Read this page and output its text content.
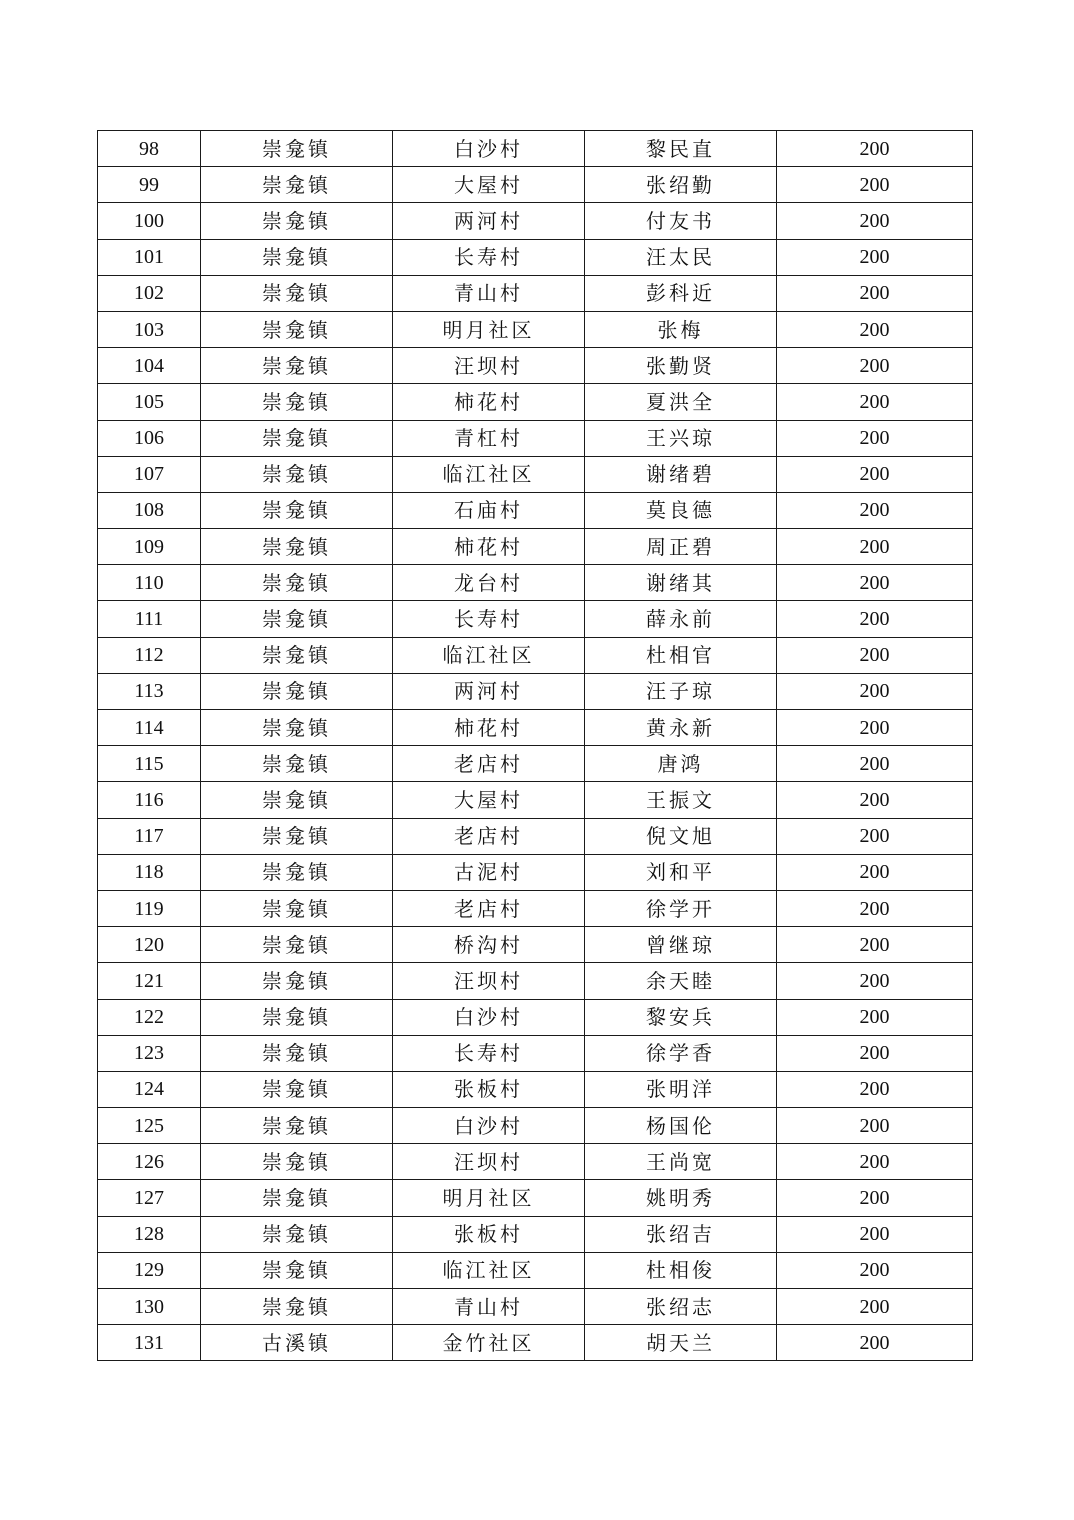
98	崇龛镇	白沙村	黎民直	200
99	崇龛镇	大屋村	张绍勤	200
100	崇龛镇	两河村	付友书	200
101	崇龛镇	长寿村	汪太民	200
102	崇龛镇	青山村	彭科近	200
103	崇龛镇	明月社区	张梅	200
104	崇龛镇	汪坝村	张勤贤	200
105	崇龛镇	柿花村	夏洪全	200
106	崇龛镇	青杠村	王兴琼	200
107	崇龛镇	临江社区	谢绪碧	200
108	崇龛镇	石庙村	莫良德	200
109	崇龛镇	柿花村	周正碧	200
110	崇龛镇	龙台村	谢绪其	200
111	崇龛镇	长寿村	薛永前	200
112	崇龛镇	临江社区	杜相官	200
113	崇龛镇	两河村	汪子琼	200
114	崇龛镇	柿花村	黄永新	200
115	崇龛镇	老店村	唐鸿	200
116	崇龛镇	大屋村	王振文	200
117	崇龛镇	老店村	倪文旭	200
118	崇龛镇	古泥村	刘和平	200
119	崇龛镇	老店村	徐学开	200
120	崇龛镇	桥沟村	曾继琼	200
121	崇龛镇	汪坝村	余天睦	200
122	崇龛镇	白沙村	黎安兵	200
123	崇龛镇	长寿村	徐学香	200
124	崇龛镇	张板村	张明洋	200
125	崇龛镇	白沙村	杨国伦	200
126	崇龛镇	汪坝村	王尚宽	200
127	崇龛镇	明月社区	姚明秀	200
128	崇龛镇	张板村	张绍吉	200
129	崇龛镇	临江社区	杜相俊	200
130	崇龛镇	青山村	张绍志	200
131	古溪镇	金竹社区	胡天兰	200
